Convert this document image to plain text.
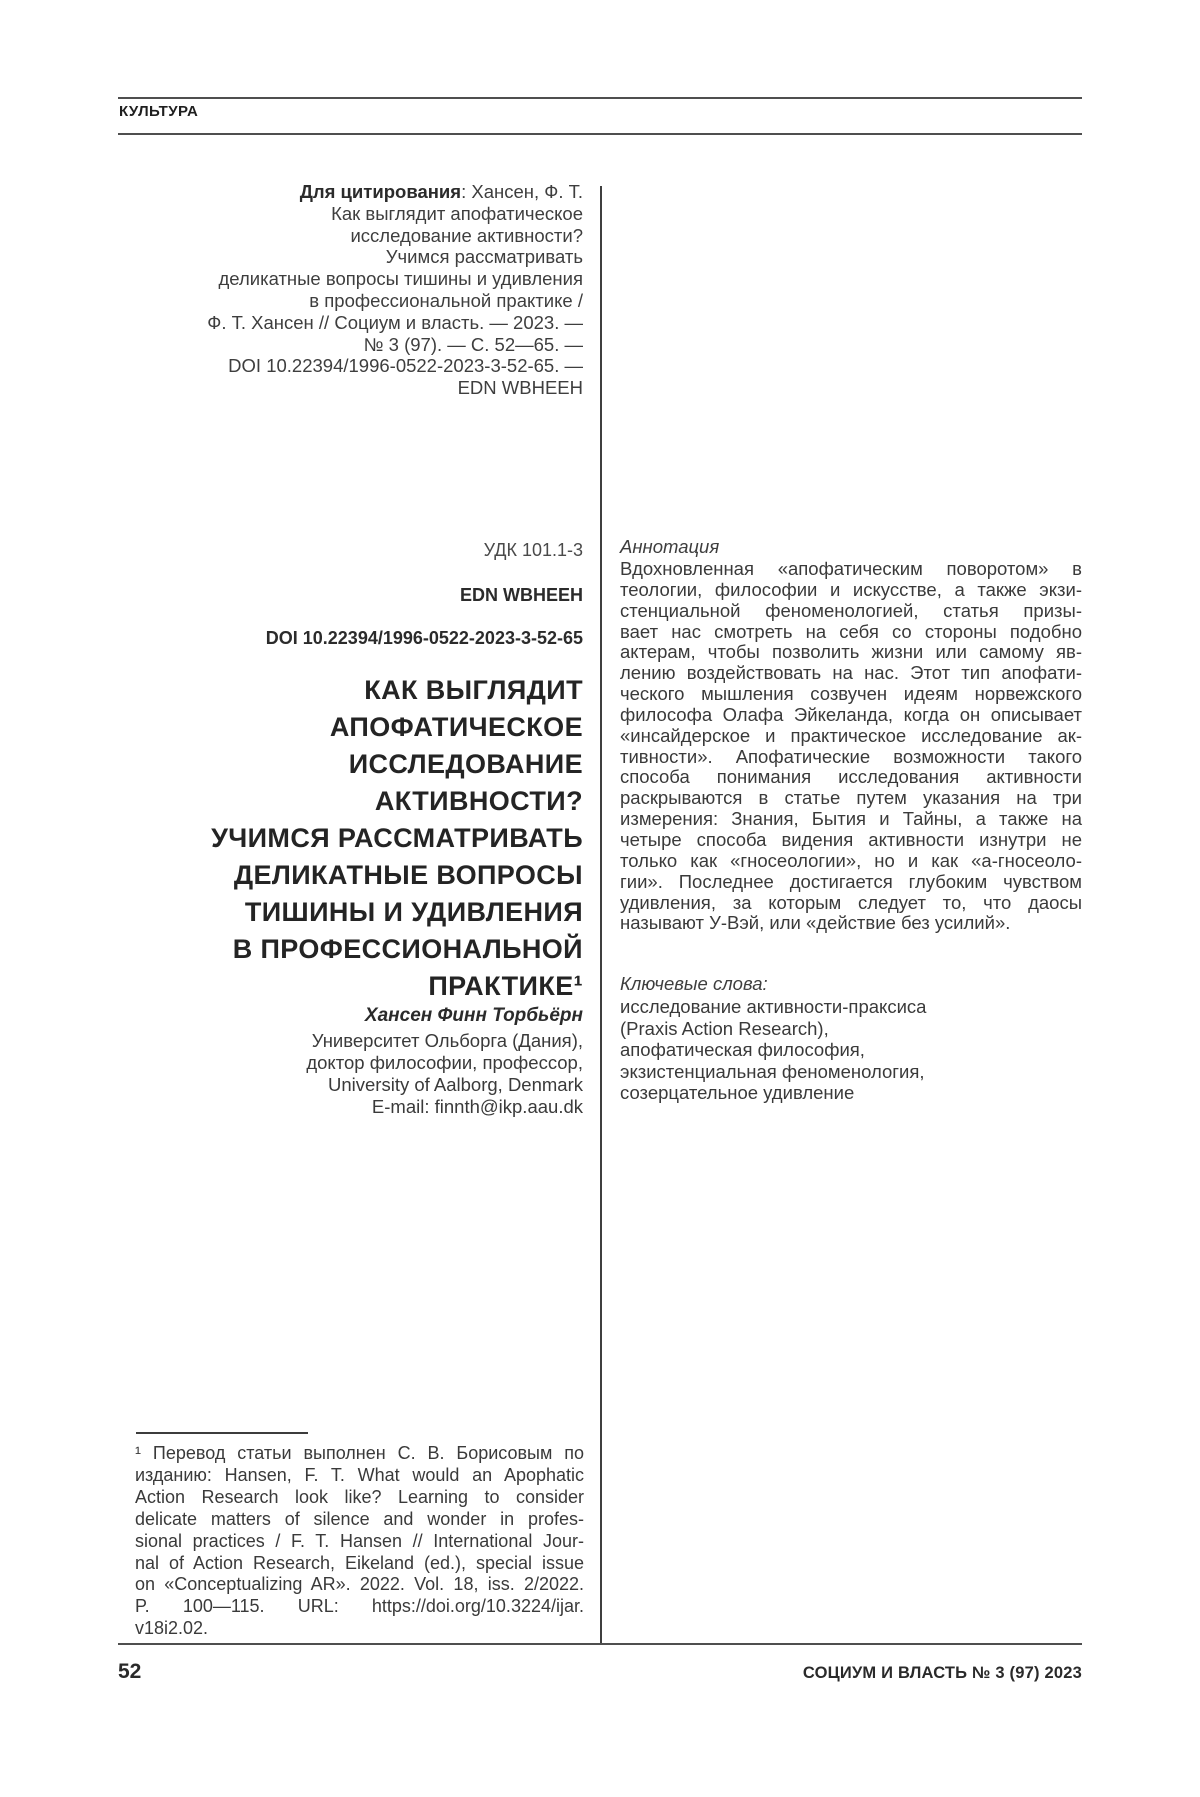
КУЛЬТУРА
Для цитирования: Хансен, Ф. Т.
Как выглядит апофатическое
исследование активности?
Учимся рассматривать
деликатные вопросы тишины и удивления
в профессиональной практике /
Ф. Т. Хансен // Социум и власть. — 2023. —
№ 3 (97). — С. 52—65. —
DOI 10.22394/1996-0522-2023-3-52-65. —
EDN WBHEEH
УДК 101.1-3
EDN WBHEEH
DOI 10.22394/1996-0522-2023-3-52-65
КАК ВЫГЛЯДИТ
АПОФАТИЧЕСКОЕ
ИССЛЕДОВАНИЕ
АКТИВНОСТИ?
УЧИМСЯ РАССМАТРИВАТЬ
ДЕЛИКАТНЫЕ ВОПРОСЫ
ТИШИНЫ И УДИВЛЕНИЯ
В ПРОФЕССИОНАЛЬНОЙ
ПРАКТИКЕ¹
Хансен Финн Торбьёрн
Университет Ольборга (Дания),
доктор философии, профессор,
University of Aalborg, Denmark
E-mail: finnth@ikp.aau.dk
Аннотация
Вдохновленная «апофатическим поворотом» в
теологии, философии и искусстве, а также экзи-
стенциальной феноменологией, статья призы-
вает нас смотреть на себя со стороны подобно
актерам, чтобы позволить жизни или самому яв-
лению воздействовать на нас. Этот тип апофати-
ческого мышления созвучен идеям норвежского
философа Олафа Эйкеланда, когда он описывает
«инсайдерское и практическое исследование ак-
тивности». Апофатические возможности такого
способа понимания исследования активности
раскрываются в статье путем указания на три
измерения: Знания, Бытия и Тайны, а также на
четыре способа видения активности изнутри не
только как «гносеологии», но и как «а-гносеоло-
гии». Последнее достигается глубоким чувством
удивления, за которым следует то, что даосы
называют У-Вэй, или «действие без усилий».
Ключевые слова:
исследование активности-праксиса
(Praxis Action Research),
апофатическая философия,
экзистенциальная феноменология,
созерцательное удивление
¹ Перевод статьи выполнен С. В. Борисовым по
изданию: Hansen, F. T. What would an Apophatic
Action Research look like? Learning to consider
delicate matters of silence and wonder in profes-
sional practices / F. T. Hansen // International Jour-
nal of Action Research, Eikeland (ed.), special issue
on «Conceptualizing AR». 2022. Vol. 18, iss. 2/2022.
P. 100—115. URL: https://doi.org/10.3224/ijar.
v18i2.02.
52	СОЦИУМ И ВЛАСТЬ № 3 (97) 2023
